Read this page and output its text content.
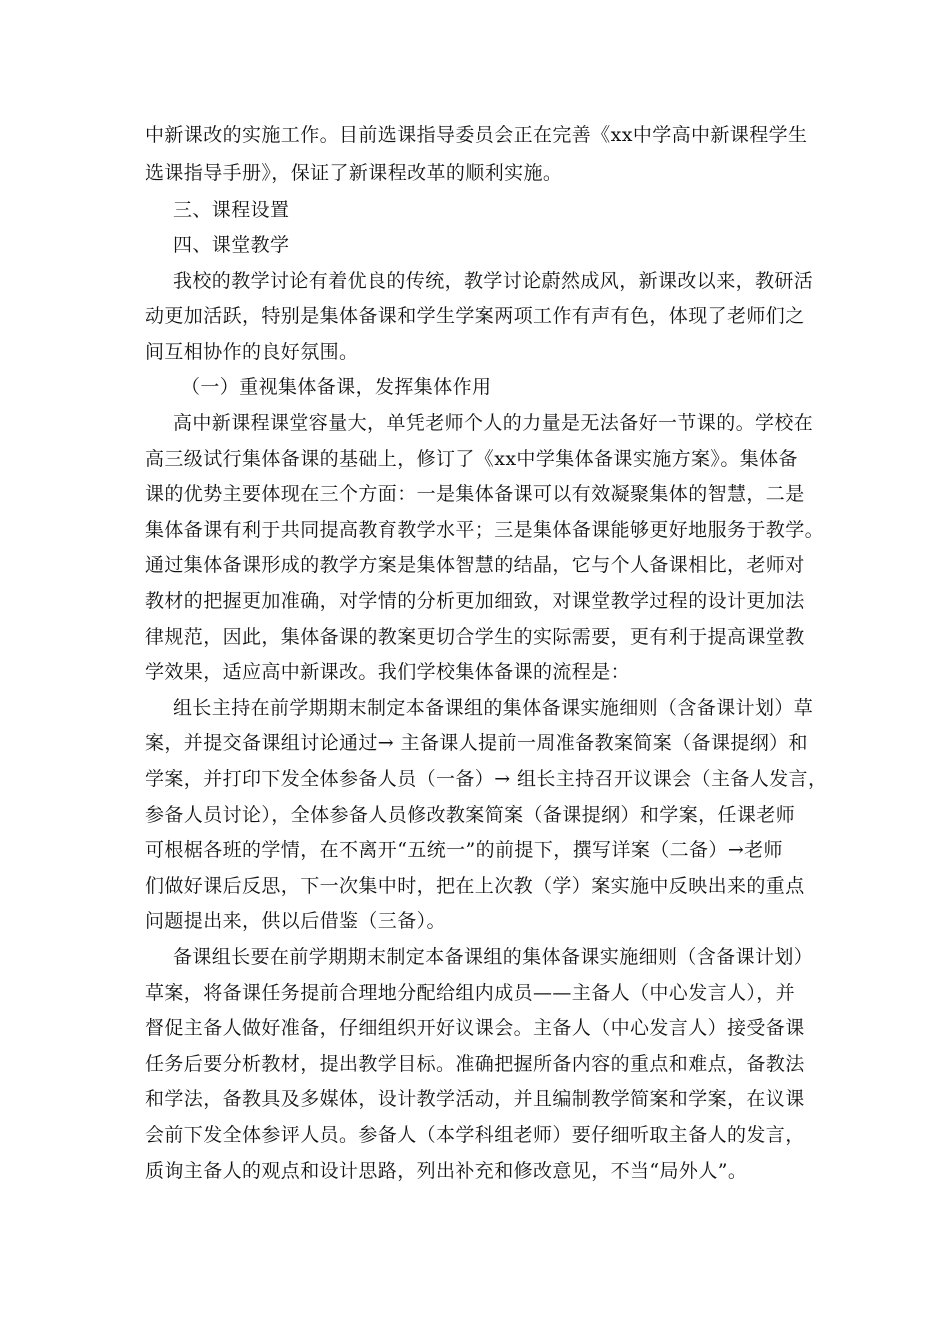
中新课改的实施工作。目前选课指导委员会正在完善《xx中学高中新课程学生
选课指导手册》，保证了新课程改革的顺利实施。
三、课程设置
四、课堂教学
我校的教学讨论有着优良的传统，教学讨论蔚然成风，新课改以来，教研活
动更加活跃，特别是集体备课和学生学案两项工作有声有色，体现了老师们之
间互相协作的良好氛围。
（一）重视集体备课，发挥集体作用
高中新课程课堂容量大，单凭老师个人的力量是无法备好一节课的。学校在
高三级试行集体备课的基础上，修订了《xx中学集体备课实施方案》。集体备
课的优势主要体现在三个方面：一是集体备课可以有效凝聚集体的智慧，二是
集体备课有利于共同提高教育教学水平；三是集体备课能够更好地服务于教学。
通过集体备课形成的教学方案是集体智慧的结晶，它与个人备课相比，老师对
教材的把握更加准确，对学情的分析更加细致，对课堂教学过程的设计更加法
律规范，因此，集体备课的教案更切合学生的实际需要，更有利于提高课堂教
学效果，适应高中新课改。我们学校集体备课的流程是：
组长主持在前学期期末制定本备课组的集体备课实施细则（含备课计划）草
案，并提交备课组讨论通过→ 主备课人提前一周准备教案简案（备课提纲）和
学案，并打印下发全体参备人员（一备）→ 组长主持召开议课会（主备人发言，
参备人员讨论），全体参备人员修改教案简案（备课提纲）和学案，任课老师
可根椐各班的学情，在不离开“五统一”的前提下，撰写详案（二备）→老师
们做好课后反思，下一次集中时，把在上次教（学）案实施中反映出来的重点
问题提出来，供以后借鉴（三备）。
备课组长要在前学期期末制定本备课组的集体备课实施细则（含备课计划）
草案，将备课任务提前合理地分配给组内成员——主备人（中心发言人），并
督促主备人做好准备，仔细组织开好议课会。主备人（中心发言人）接受备课
任务后要分析教材，提出教学目标。准确把握所备内容的重点和难点，备教法
和学法，备教具及多媒体，设计教学活动，并且编制教学简案和学案，在议课
会前下发全体参评人员。参备人（本学科组老师）要仔细听取主备人的发言，
质询主备人的观点和设计思路，列出补充和修改意见，不当“局外人”。
